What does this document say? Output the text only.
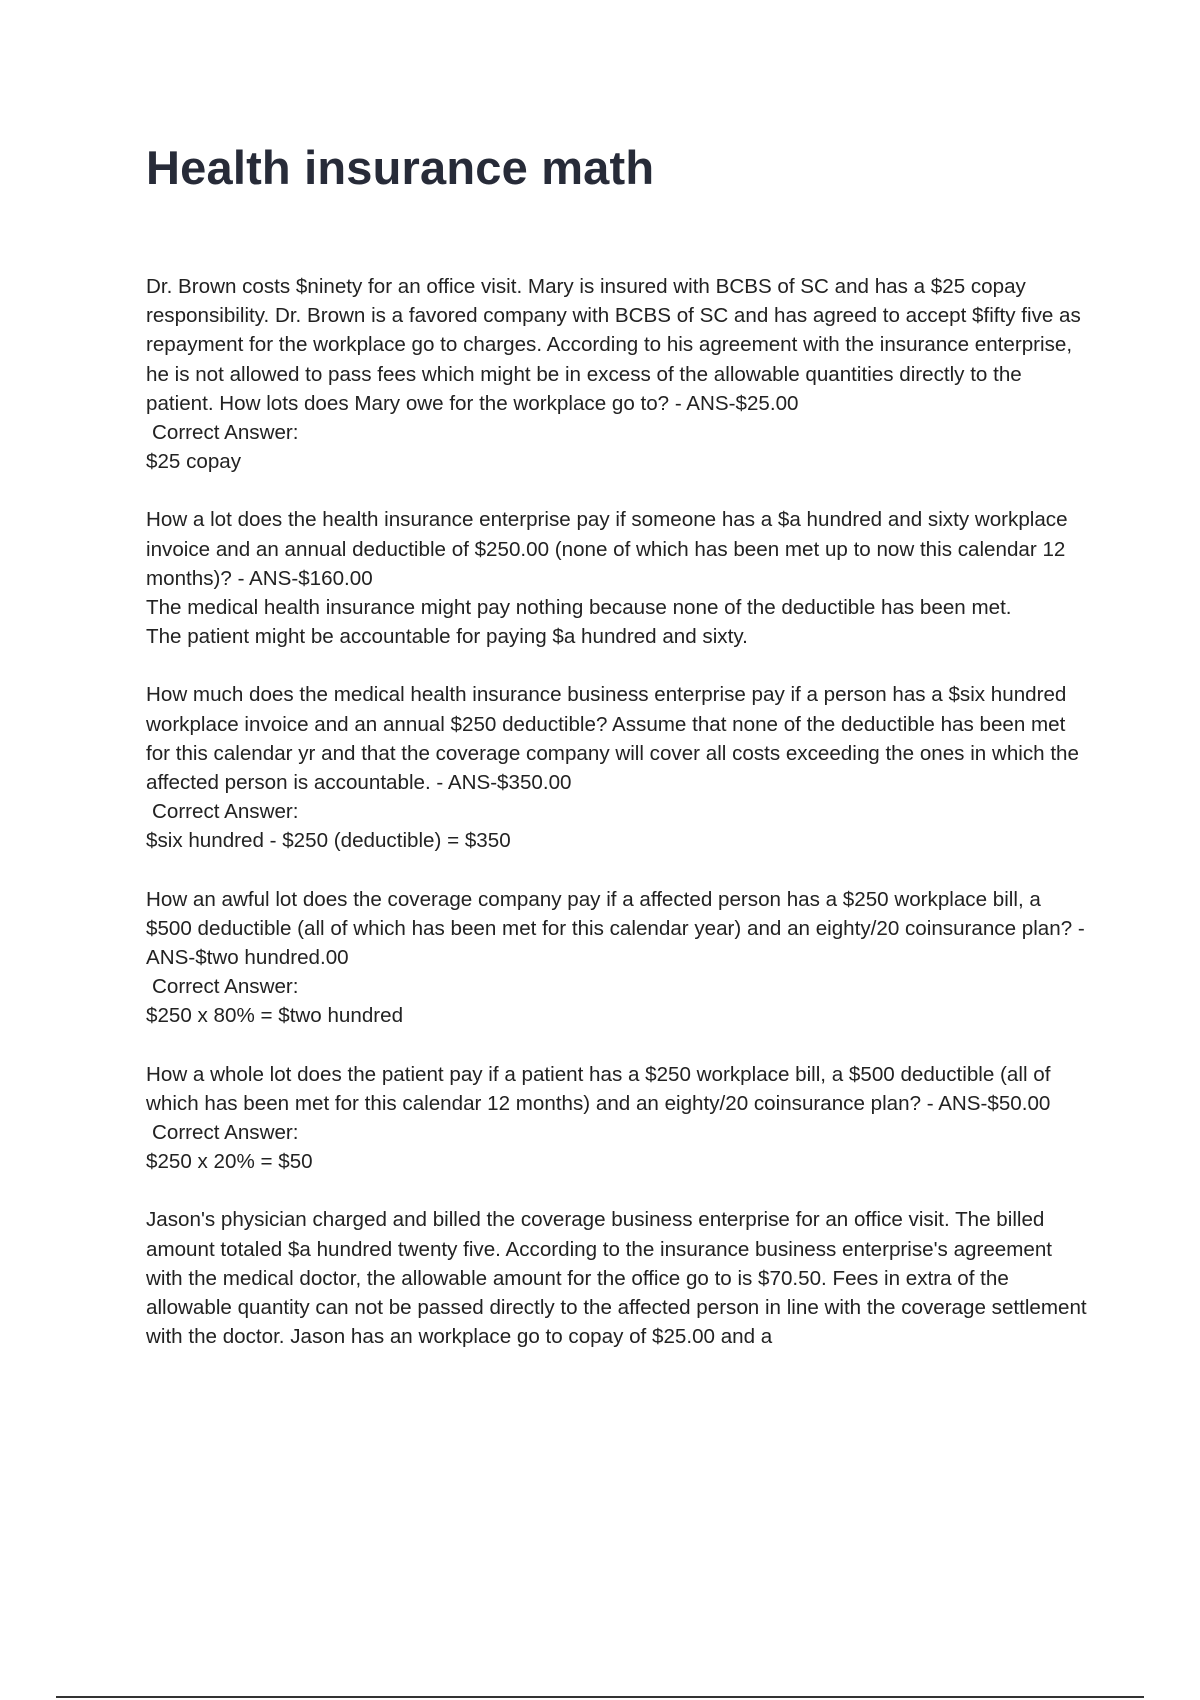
Health insurance math

Dr. Brown costs $ninety for an office visit. Mary is insured with BCBS of SC and has a $25 copay responsibility. Dr. Brown is a favored company with BCBS of SC and has agreed to accept $fifty five as repayment for the workplace go to charges. According to his agreement with the insurance enterprise, he is not allowed to pass fees which might be in excess of the allowable quantities directly to the patient. How lots does Mary owe for the workplace go to? - ANS-$25.00

Correct Answer:
$25 copay

How a lot does the health insurance enterprise pay if someone has a $a hundred and sixty workplace invoice and an annual deductible of $250.00 (none of which has been met up to now this calendar 12 months)? - ANS-$160.00

The medical health insurance might pay nothing because none of the deductible has been met.
The patient might be accountable for paying $a hundred and sixty.

How much does the medical health insurance business enterprise pay if a person has a $six hundred workplace invoice and an annual $250 deductible? Assume that none of the deductible has been met for this calendar yr and that the coverage company will cover all costs exceeding the ones in which the affected person is accountable. - ANS-$350.00

Correct Answer:
$six hundred - $250 (deductible) = $350

How an awful lot does the coverage company pay if a affected person has a $250 workplace bill, a $500 deductible (all of which has been met for this calendar year) and an eighty/20 coinsurance plan? - ANS-$two hundred.00

Correct Answer:
$250 x 80% = $two hundred

How a whole lot does the patient pay if a patient has a $250 workplace bill, a $500 deductible (all of which has been met for this calendar 12 months) and an eighty/20 coinsurance plan? - ANS-$50.00

Correct Answer:
$250 x 20% = $50

Jason's physician charged and billed the coverage business enterprise for an office visit. The billed amount totaled $a hundred twenty five. According to the insurance business enterprise's agreement with the medical doctor, the allowable amount for the office go to is $70.50. Fees in extra of the allowable quantity can not be passed directly to the affected person in line with the coverage settlement with the doctor. Jason has an workplace go to copay of $25.00 and a
